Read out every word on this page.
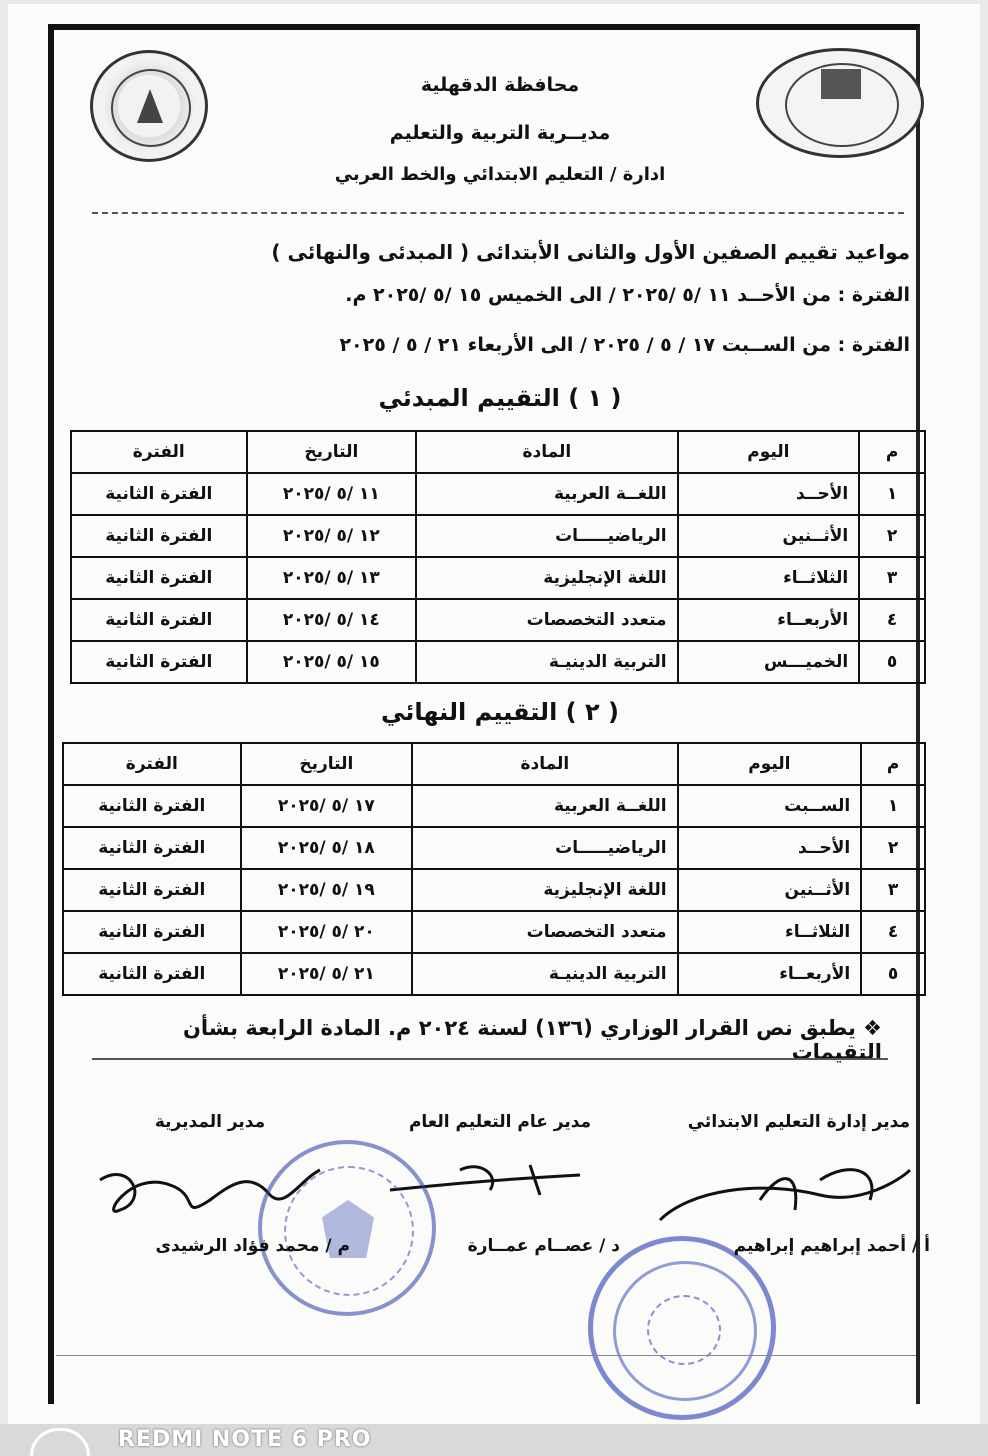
محافظة الدقهلية
مديــرية التربية والتعليم
ادارة / التعليم الابتدائي والخط العربي
مواعيد تقييم الصفين الأول والثانى الأبتدائى ( المبدئى والنهائى )
الفترة : من الأحــد ١١ /٥ /٢٠٢٥ / الى الخميس ١٥ /٥ /٢٠٢٥ م.
الفترة : من الســبت ١٧ / ٥ / ٢٠٢٥ / الى الأربعاء ٢١ / ٥ / ٢٠٢٥
( ١ ) التقييم المبدئي
م	اليوم	المادة	التاريخ	الفترة
١	الأحــد	اللغــة العربية	١١ /٥ /٢٠٢٥	الفترة الثانية
٢	الأثــنين	الرياضيـــــات	١٢ /٥ /٢٠٢٥	الفترة الثانية
٣	الثلاثــاء	اللغة الإنجليزية	١٣ /٥ /٢٠٢٥	الفترة الثانية
٤	الأربعــاء	متعدد التخصصات	١٤ /٥ /٢٠٢٥	الفترة الثانية
٥	الخميـــس	التربية الدينيـة	١٥ /٥ /٢٠٢٥	الفترة الثانية
( ٢ ) التقييم النهائي
م	اليوم	المادة	التاريخ	الفترة
١	الســبت	اللغــة العربية	١٧ /٥ /٢٠٢٥	الفترة الثانية
٢	الأحــد	الرياضيـــــات	١٨ /٥ /٢٠٢٥	الفترة الثانية
٣	الأثــنين	اللغة الإنجليزية	١٩ /٥ /٢٠٢٥	الفترة الثانية
٤	الثلاثــاء	متعدد التخصصات	٢٠ /٥ /٢٠٢٥	الفترة الثانية
٥	الأربعــاء	التربية الدينيـة	٢١ /٥ /٢٠٢٥	الفترة الثانية
❖ يطبق نص القرار الوزاري (١٣٦) لسنة ٢٠٢٤ م. المادة الرابعة بشأن التقيمات
مدير إدارة التعليم الابتدائي
مدير عام التعليم العام
مدير المديرية
أ / أحمد إبراهيم إبراهيم
د / عصــام عمــارة
م / محمد فؤاد الرشيدى
REDMI NOTE 6 PRO
